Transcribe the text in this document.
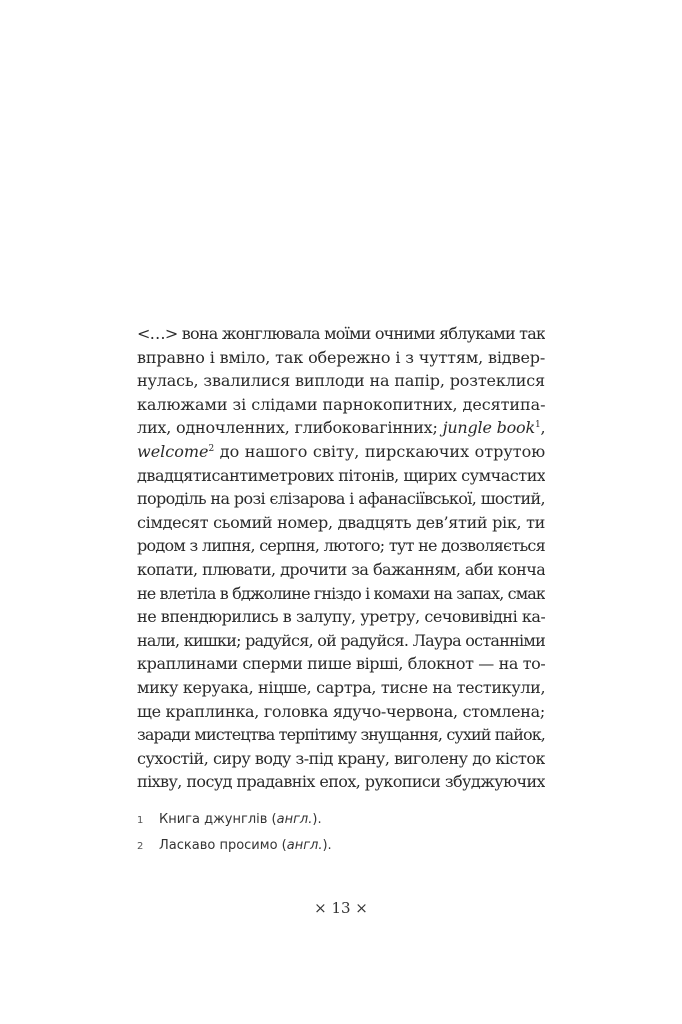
<…> вона жонглювала моїми очними яблуками так
вправно і вміло, так обережно і з чуттям, відвер-
нулась, звалилися виплоди на папір, розтеклися
калюжами зі слідами парнокопитних, десятипа-
лих, одночленних, глибоковагінних; jungle book$^1$,
welcome$^2$ до нашого світу, пирскаючих отрутою
двадцятисантиметрових пітонів, щирих сумчастих
породіль на розі єлізарова і афанасіївської, шостий,
сімдесят сьомий номер, двадцять дев’ятий рік, ти
родом з липня, серпня, лютого; тут не дозволяється
копати, плювати, дрочити за бажанням, аби конча
не влетіла в бджолине гніздо і комахи на запах, смак
не впендюрились в залупу, уретру, сечовивідні ка-
нали, кишки; радуйся, ой радуйся. Лаура останніми
краплинами сперми пише вірші, блокнот — на то-
мику керуака, ніцше, сартра, тисне на тестикули,
ще краплинка, головка ядучо-червона, стомлена;
заради мистецтва терпітиму знущання, сухий пайок,
сухостій, сиру воду з-під крану, виголену до кісток
піхву, посуд прадавніх епох, рукописи збуджуючих
1	Книга джунглів (англ.).
2	Ласкаво просимо (англ.).
× 13 ×
